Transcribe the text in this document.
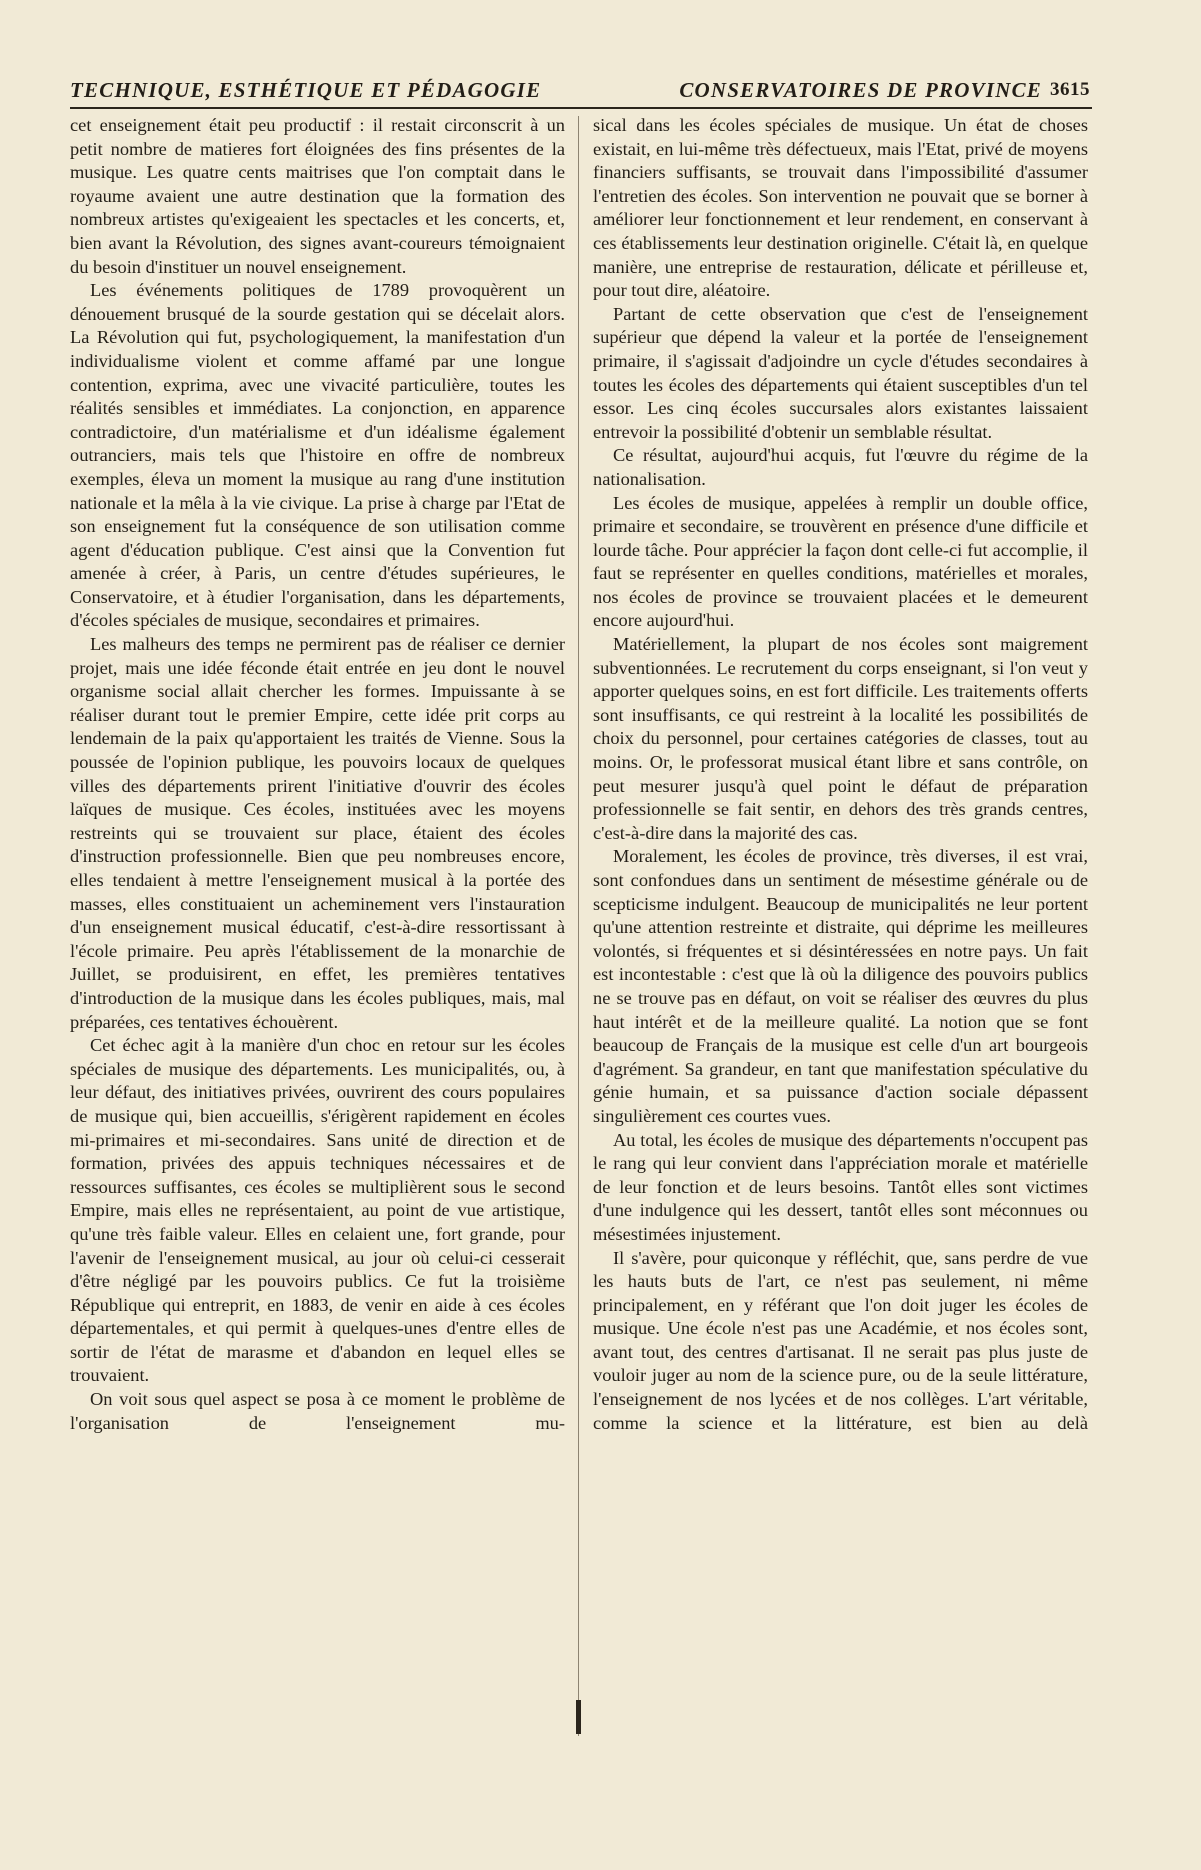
TECHNIQUE, ESTHÉTIQUE ET PÉDAGOGIE	CONSERVATOIRES DE PROVINCE 3615

cet enseignement était peu productif : il restait circonscrit à un petit nombre de matieres fort éloignées des fins présentes de la musique. Les quatre cents maitrises que l'on comptait dans le royaume avaient une autre destination que la formation des nombreux artistes qu'exigeaient les spectacles et les concerts, et, bien avant la Révolution, des signes avant-coureurs témoignaient du besoin d'instituer un nouvel enseignement.

Les événements politiques de 1789 provoquèrent un dénouement brusqué de la sourde gestation qui se décelait alors. La Révolution qui fut, psychologiquement, la manifestation d'un individualisme violent et comme affamé par une longue contention, exprima, avec une vivacité particulière, toutes les réalités sensibles et immédiates. La conjonction, en apparence contradictoire, d'un matérialisme et d'un idéalisme également outranciers, mais tels que l'histoire en offre de nombreux exemples, éleva un moment la musique au rang d'une institution nationale et la mêla à la vie civique. La prise à charge par l'Etat de son enseignement fut la conséquence de son utilisation comme agent d'éducation publique. C'est ainsi que la Convention fut amenée à créer, à Paris, un centre d'études supérieures, le Conservatoire, et à étudier l'organisation, dans les départements, d'écoles spéciales de musique, secondaires et primaires.

Les malheurs des temps ne permirent pas de réaliser ce dernier projet, mais une idée féconde était entrée en jeu dont le nouvel organisme social allait chercher les formes. Impuissante à se réaliser durant tout le premier Empire, cette idée prit corps au lendemain de la paix qu'apportaient les traités de Vienne. Sous la poussée de l'opinion publique, les pouvoirs locaux de quelques villes des départements prirent l'initiative d'ouvrir des écoles laïques de musique. Ces écoles, instituées avec les moyens restreints qui se trouvaient sur place, étaient des écoles d'instruction professionnelle. Bien que peu nombreuses encore, elles tendaient à mettre l'enseignement musical à la portée des masses, elles constituaient un acheminement vers l'instauration d'un enseignement musical éducatif, c'est-à-dire ressortissant à l'école primaire. Peu après l'établissement de la monarchie de Juillet, se produisirent, en effet, les premières tentatives d'introduction de la musique dans les écoles publiques, mais, mal préparées, ces tentatives échouèrent.

Cet échec agit à la manière d'un choc en retour sur les écoles spéciales de musique des départements. Les municipalités, ou, à leur défaut, des initiatives privées, ouvrirent des cours populaires de musique qui, bien accueillis, s'érigèrent rapidement en écoles mi-primaires et mi-secondaires. Sans unité de direction et de formation, privées des appuis techniques nécessaires et de ressources suffisantes, ces écoles se multiplièrent sous le second Empire, mais elles ne représentaient, au point de vue artistique, qu'une très faible valeur. Elles en celaient une, fort grande, pour l'avenir de l'enseignement musical, au jour où celui-ci cesserait d'être négligé par les pouvoirs publics. Ce fut la troisième République qui entreprit, en 1883, de venir en aide à ces écoles départementales, et qui permit à quelques-unes d'entre elles de sortir de l'état de marasme et d'abandon en lequel elles se trouvaient.

On voit sous quel aspect se posa à ce moment le problème de l'organisation de l'enseignement mu-

sical dans les écoles spéciales de musique. Un état de choses existait, en lui-même très défectueux, mais l'Etat, privé de moyens financiers suffisants, se trouvait dans l'impossibilité d'assumer l'entretien des écoles. Son intervention ne pouvait que se borner à améliorer leur fonctionnement et leur rendement, en conservant à ces établissements leur destination originelle. C'était là, en quelque manière, une entreprise de restauration, délicate et périlleuse et, pour tout dire, aléatoire.

Partant de cette observation que c'est de l'enseignement supérieur que dépend la valeur et la portée de l'enseignement primaire, il s'agissait d'adjoindre un cycle d'études secondaires à toutes les écoles des départements qui étaient susceptibles d'un tel essor. Les cinq écoles succursales alors existantes laissaient entrevoir la possibilité d'obtenir un semblable résultat.

Ce résultat, aujourd'hui acquis, fut l'œuvre du régime de la nationalisation.

Les écoles de musique, appelées à remplir un double office, primaire et secondaire, se trouvèrent en présence d'une difficile et lourde tâche. Pour apprécier la façon dont celle-ci fut accomplie, il faut se représenter en quelles conditions, matérielles et morales, nos écoles de province se trouvaient placées et le demeurent encore aujourd'hui.

Matériellement, la plupart de nos écoles sont maigrement subventionnées. Le recrutement du corps enseignant, si l'on veut y apporter quelques soins, en est fort difficile. Les traitements offerts sont insuffisants, ce qui restreint à la localité les possibilités de choix du personnel, pour certaines catégories de classes, tout au moins. Or, le professorat musical étant libre et sans contrôle, on peut mesurer jusqu'à quel point le défaut de préparation professionnelle se fait sentir, en dehors des très grands centres, c'est-à-dire dans la majorité des cas.

Moralement, les écoles de province, très diverses, il est vrai, sont confondues dans un sentiment de mésestime générale ou de scepticisme indulgent. Beaucoup de municipalités ne leur portent qu'une attention restreinte et distraite, qui déprime les meilleures volontés, si fréquentes et si désintéressées en notre pays. Un fait est incontestable : c'est que là où la diligence des pouvoirs publics ne se trouve pas en défaut, on voit se réaliser des œuvres du plus haut intérêt et de la meilleure qualité. La notion que se font beaucoup de Français de la musique est celle d'un art bourgeois d'agrément. Sa grandeur, en tant que manifestation spéculative du génie humain, et sa puissance d'action sociale dépassent singulièrement ces courtes vues.

Au total, les écoles de musique des départements n'occupent pas le rang qui leur convient dans l'appréciation morale et matérielle de leur fonction et de leurs besoins. Tantôt elles sont victimes d'une indulgence qui les dessert, tantôt elles sont méconnues ou mésestimées injustement.

Il s'avère, pour quiconque y réfléchit, que, sans perdre de vue les hauts buts de l'art, ce n'est pas seulement, ni même principalement, en y référant que l'on doit juger les écoles de musique. Une école n'est pas une Académie, et nos écoles sont, avant tout, des centres d'artisanat. Il ne serait pas plus juste de vouloir juger au nom de la science pure, ou de la seule littérature, l'enseignement de nos lycées et de nos collèges. L'art véritable, comme la science et la littérature, est bien au delà
